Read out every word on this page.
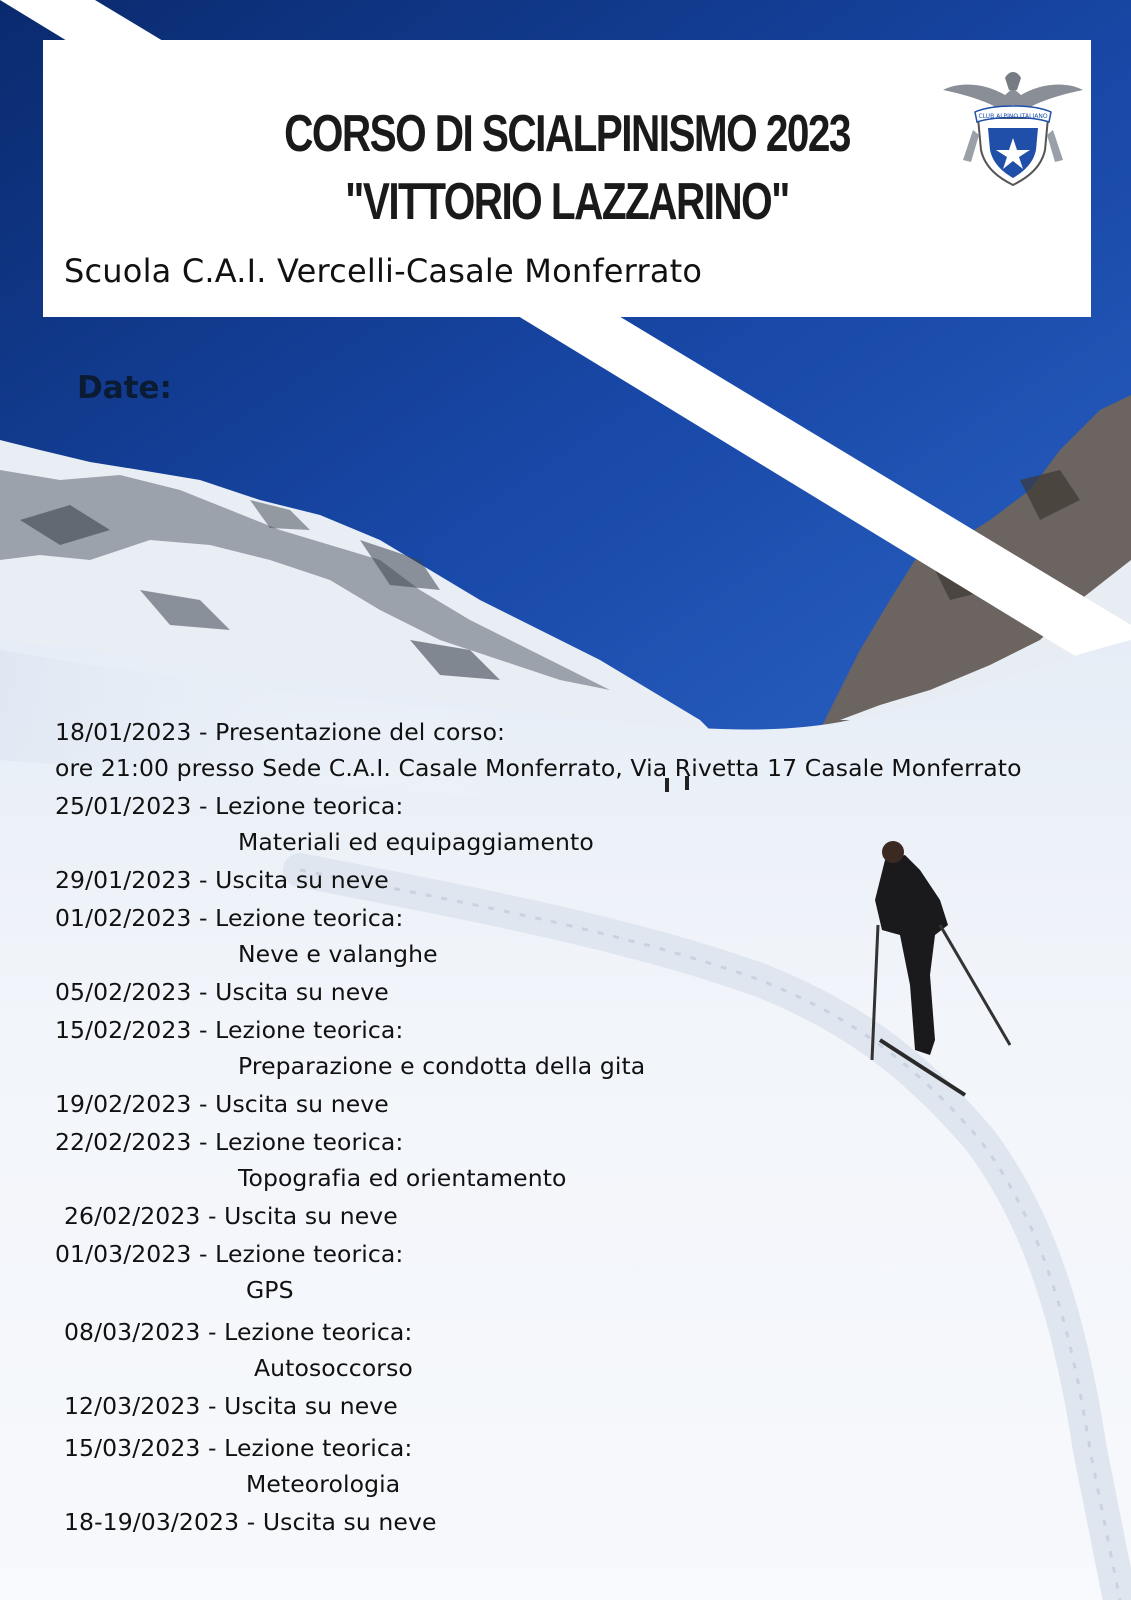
CORSO DI SCIALPINISMO 2023
"VITTORIO LAZZARINO"
Scuola C.A.I. Vercelli-Casale Monferrato
CLUB ALPINO ITALIANO
Date:
18/01/2023 - Presentazione del corso:
ore 21:00 presso Sede C.A.I. Casale Monferrato, Via Rivetta 17 Casale Monferrato
25/01/2023 - Lezione teorica:
Materiali ed equipaggiamento
29/01/2023 - Uscita su neve
01/02/2023 - Lezione teorica:
Neve e valanghe
05/02/2023 - Uscita su neve
15/02/2023 - Lezione teorica:
Preparazione e condotta della gita
19/02/2023 - Uscita su neve
22/02/2023 - Lezione teorica:
Topografia ed orientamento
26/02/2023 - Uscita su neve
01/03/2023 - Lezione teorica:
GPS
08/03/2023 - Lezione teorica:
Autosoccorso
12/03/2023 - Uscita su neve
15/03/2023 - Lezione teorica:
Meteorologia
18-19/03/2023 - Uscita su neve
